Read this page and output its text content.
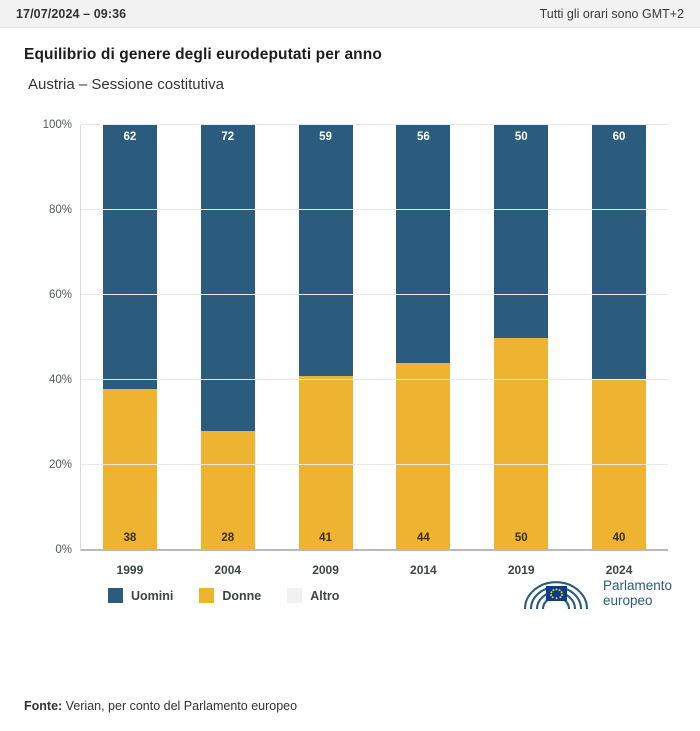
17/07/2024 – 09:36	Tutti gli orari sono GMT+2
Equilibrio di genere degli eurodeputati per anno

Austria – Sessione costitutiva

62
38
1999
72
28
2004
59
41
2009
56
44
2014
50
50
2019
60
40
2024
0%
20%
40%
60%
80%
100%
Uomini	Donne	Altro
Parlamento
europeo
Fonte: Verian, per conto del Parlamento europeo
